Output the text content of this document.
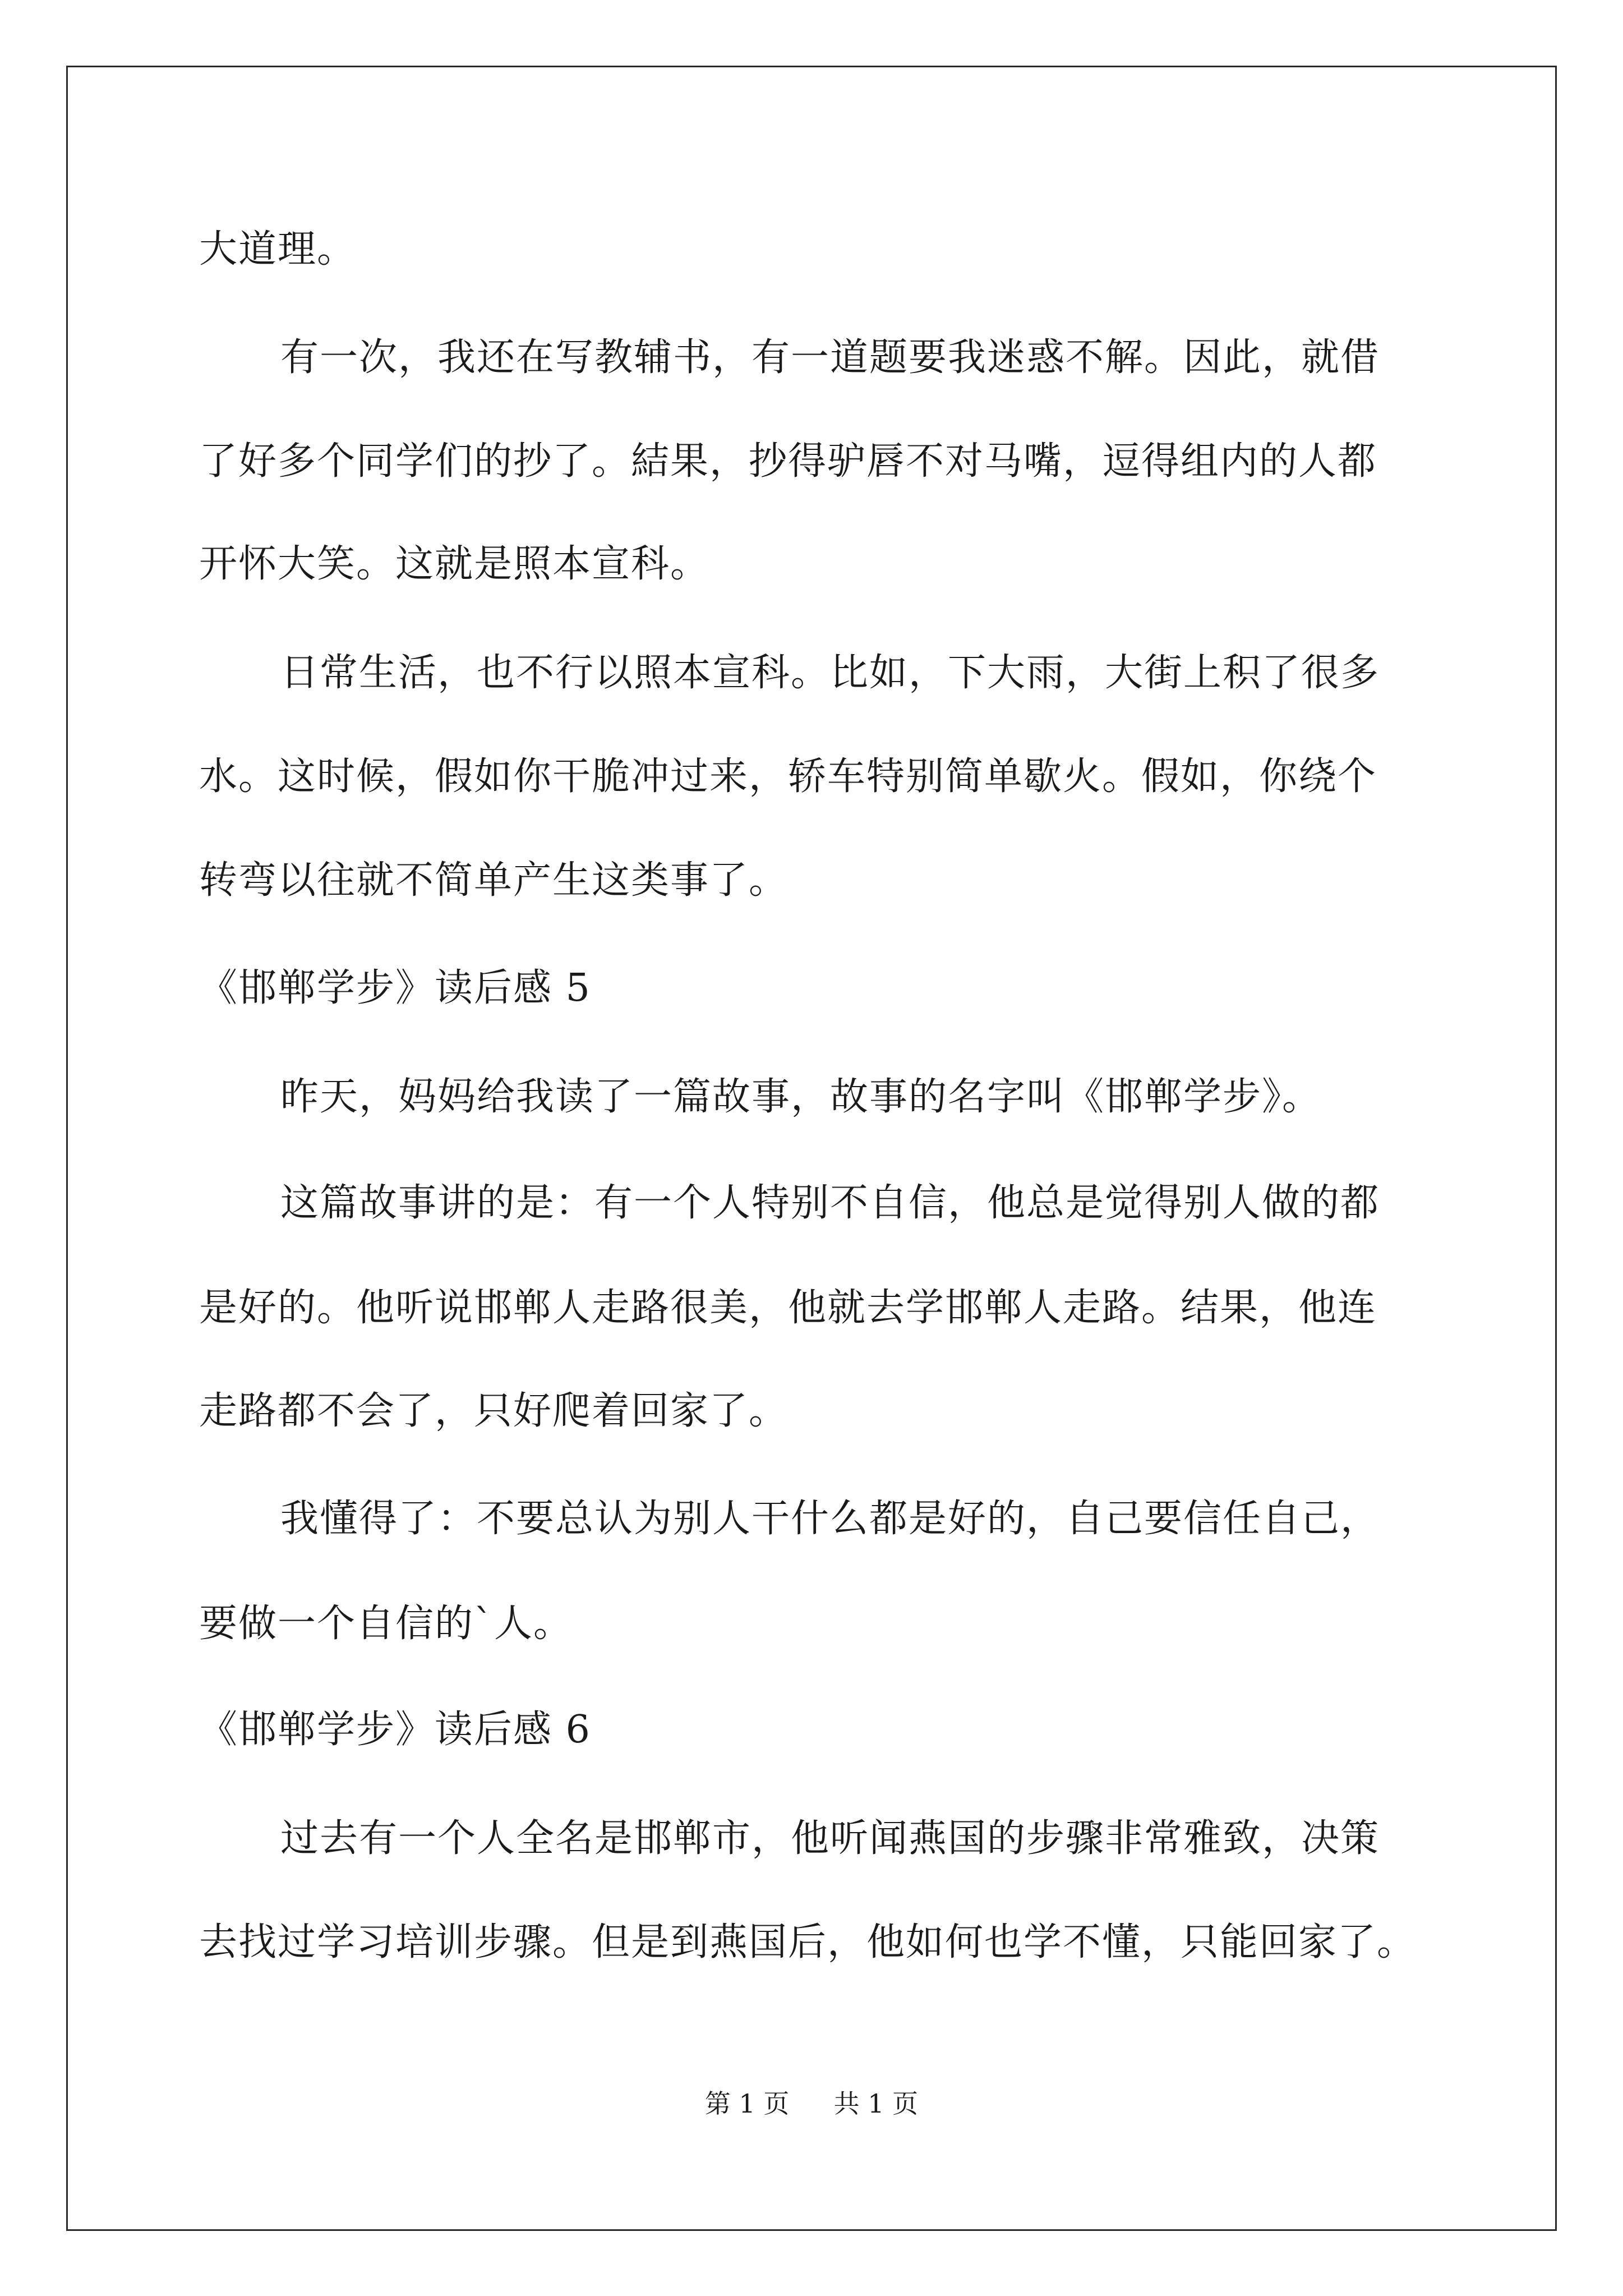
大道理。
有一次，我还在写教辅书，有一道题要我迷惑不解。因此，就借
了好多个同学们的抄了。結果，抄得驴唇不对马嘴，逗得组内的人都
开怀大笑。这就是照本宣科。
日常生活，也不行以照本宣科。比如，下大雨，大街上积了很多
水。这时候，假如你干脆冲过来，轿车特别简单歇火。假如，你绕个
转弯以往就不简单产生这类事了。
《邯郸学步》读后感 5
昨天，妈妈给我读了一篇故事，故事的名字叫《邯郸学步》。
这篇故事讲的是：有一个人特别不自信，他总是觉得别人做的都
是好的。他听说邯郸人走路很美，他就去学邯郸人走路。结果，他连
走路都不会了，只好爬着回家了。
我懂得了：不要总认为别人干什么都是好的，自己要信任自己，
要做一个自信的`人。
《邯郸学步》读后感 6
过去有一个人全名是邯郸市，他听闻燕国的步骤非常雅致，决策
去找过学习培训步骤。但是到燕国后，他如何也学不懂，只能回家了。
第 1 页 共 1 页
